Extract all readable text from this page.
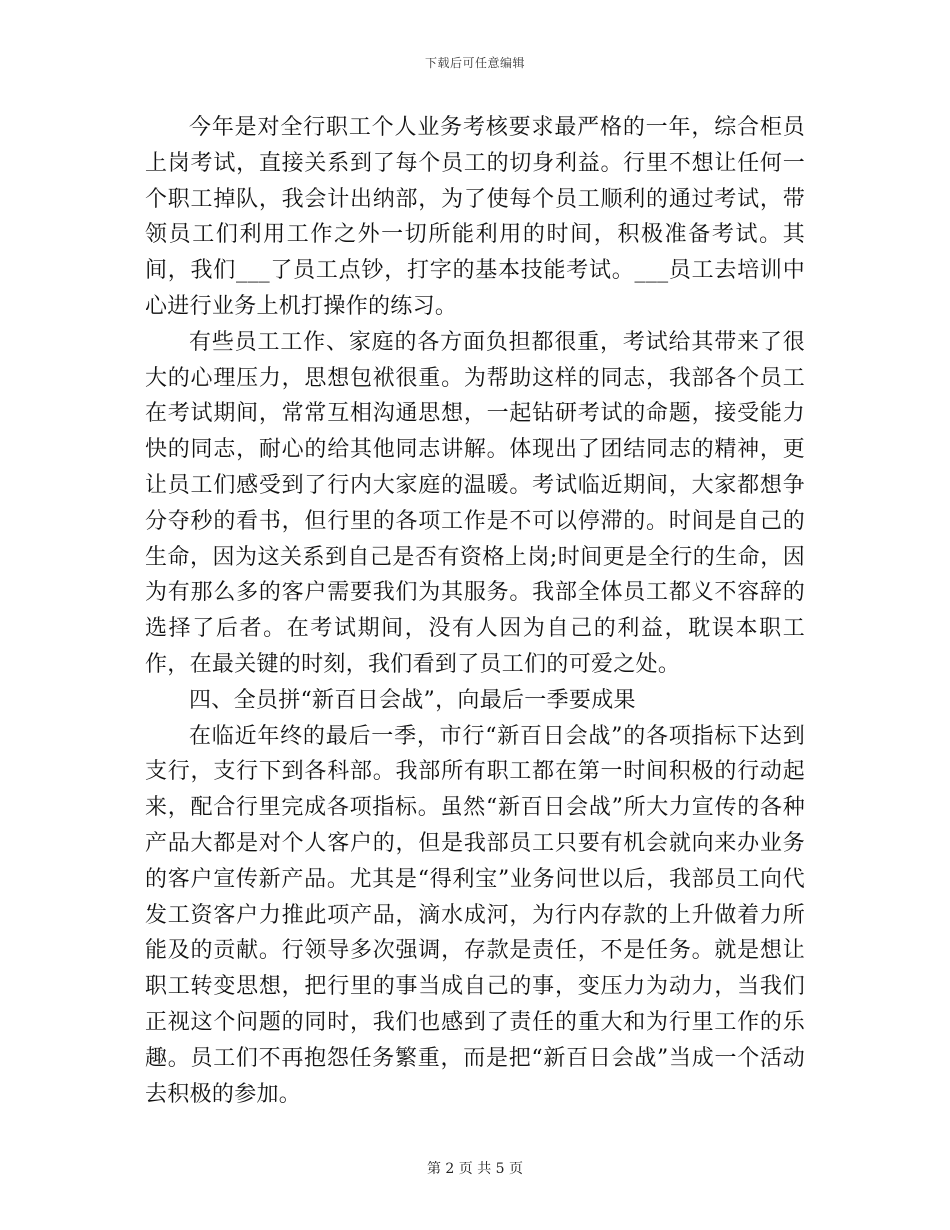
下载后可任意编辑

今年是对全行职工个人业务考核要求最严格的一年，综合柜员上岗考试，直接关系到了每个员工的切身利益。行里不想让任何一个职工掉队，我会计出纳部，为了使每个员工顺利的通过考试，带领员工们利用工作之外一切所能利用的时间，积极准备考试。其间，我们___了员工点钞，打字的基本技能考试。___员工去培训中心进行业务上机打操作的练习。

有些员工工作、家庭的各方面负担都很重，考试给其带来了很大的心理压力，思想包袱很重。为帮助这样的同志，我部各个员工在考试期间，常常互相沟通思想，一起钻研考试的命题，接受能力快的同志，耐心的给其他同志讲解。体现出了团结同志的精神，更让员工们感受到了行内大家庭的温暖。考试临近期间，大家都想争分夺秒的看书，但行里的各项工作是不可以停滞的。时间是自己的生命，因为这关系到自己是否有资格上岗;时间更是全行的生命，因为有那么多的客户需要我们为其服务。我部全体员工都义不容辞的选择了后者。在考试期间，没有人因为自己的利益，耽误本职工作，在最关键的时刻，我们看到了员工们的可爱之处。

四、全员拼“新百日会战”，向最后一季要成果

在临近年终的最后一季，市行“新百日会战”的各项指标下达到支行，支行下到各科部。我部所有职工都在第一时间积极的行动起来，配合行里完成各项指标。虽然“新百日会战”所大力宣传的各种产品大都是对个人客户的，但是我部员工只要有机会就向来办业务的客户宣传新产品。尤其是“得利宝”业务问世以后，我部员工向代发工资客户力推此项产品，滴水成河，为行内存款的上升做着力所能及的贡献。行领导多次强调，存款是责任，不是任务。就是想让职工转变思想，把行里的事当成自己的事，变压力为动力，当我们正视这个问题的同时，我们也感到了责任的重大和为行里工作的乐趣。员工们不再抱怨任务繁重，而是把“新百日会战”当成一个活动去积极的参加。

第 2 页 共 5 页
